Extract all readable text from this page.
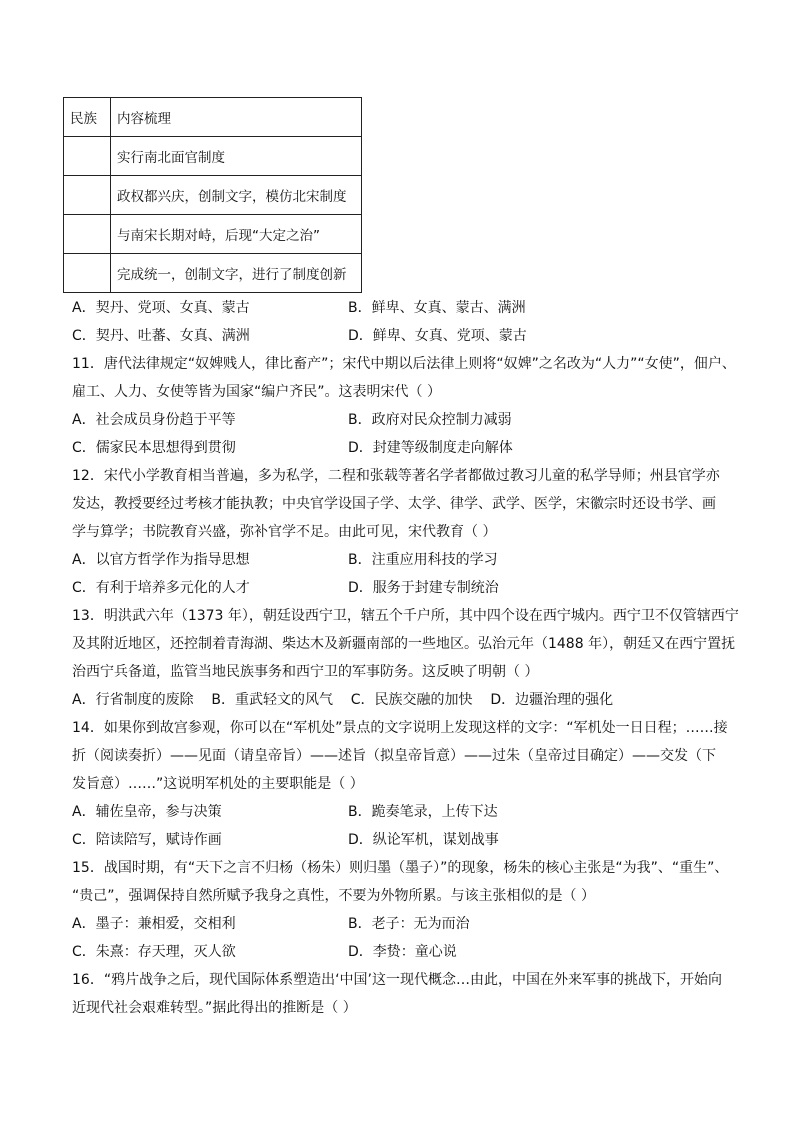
民族	内容梳理
	实行南北面官制度
	政权都兴庆，创制文字，模仿北宋制度
	与南宋长期对峙，后现“大定之治”
	完成统一，创制文字，进行了制度创新
A．契丹、党项、女真、蒙古	B．鲜卑、女真、蒙古、满洲
C．契丹、吐蕃、女真、满洲	D．鲜卑、女真、党项、蒙古
11．唐代法律规定“奴婢贱人，律比畜产”；宋代中期以后法律上则将“奴婢”之名改为“人力”“女使”，佃户、
雇工、人力、女使等皆为国家“编户齐民”。这表明宋代（ ）
A．社会成员身份趋于平等	B．政府对民众控制力减弱
C．儒家民本思想得到贯彻	D．封建等级制度走向解体
12．宋代小学教育相当普遍，多为私学，二程和张载等著名学者都做过教习儿童的私学导师；州县官学亦
发达，教授要经过考核才能执教；中央官学设国子学、太学、律学、武学、医学，宋徽宗时还设书学、画
学与算学；书院教育兴盛，弥补官学不足。由此可见，宋代教育（ ）
A．以官方哲学作为指导思想	B．注重应用科技的学习
C．有利于培养多元化的人才	D．服务于封建专制统治
13．明洪武六年（1373 年），朝廷设西宁卫，辖五个千户所，其中四个设在西宁城内。西宁卫不仅管辖西宁
及其附近地区，还控制着青海湖、柴达木及新疆南部的一些地区。弘治元年（1488 年），朝廷又在西宁置抚
治西宁兵备道，监管当地民族事务和西宁卫的军事防务。这反映了明朝（ ）
A．行省制度的废除    B．重武轻文的风气    C．民族交融的加快    D．边疆治理的强化
14．如果你到故宫参观，你可以在“军机处”景点的文字说明上发现这样的文字：“军机处一日日程；……接
折（阅读奏折）——见面（请皇帝旨）——述旨（拟皇帝旨意）——过朱（皇帝过目确定）——交发（下
发旨意）……”这说明军机处的主要职能是（ ）
A．辅佐皇帝，参与决策	B．跪奏笔录，上传下达
C．陪读陪写，赋诗作画	D．纵论军机，谋划战事
15．战国时期，有“天下之言不归杨（杨朱）则归墨（墨子）”的现象，杨朱的核心主张是“为我”、“重生”、
“贵己”，强调保持自然所赋予我身之真性，不要为外物所累。与该主张相似的是（ ）
A．墨子：兼相爱，交相利	B．老子：无为而治
C．朱熹：存天理，灭人欲	D．李贽：童心说
16．“鸦片战争之后，现代国际体系塑造出‘中国’这一现代概念…由此，中国在外来军事的挑战下，开始向
近现代社会艰难转型。”据此得出的推断是（ ）
